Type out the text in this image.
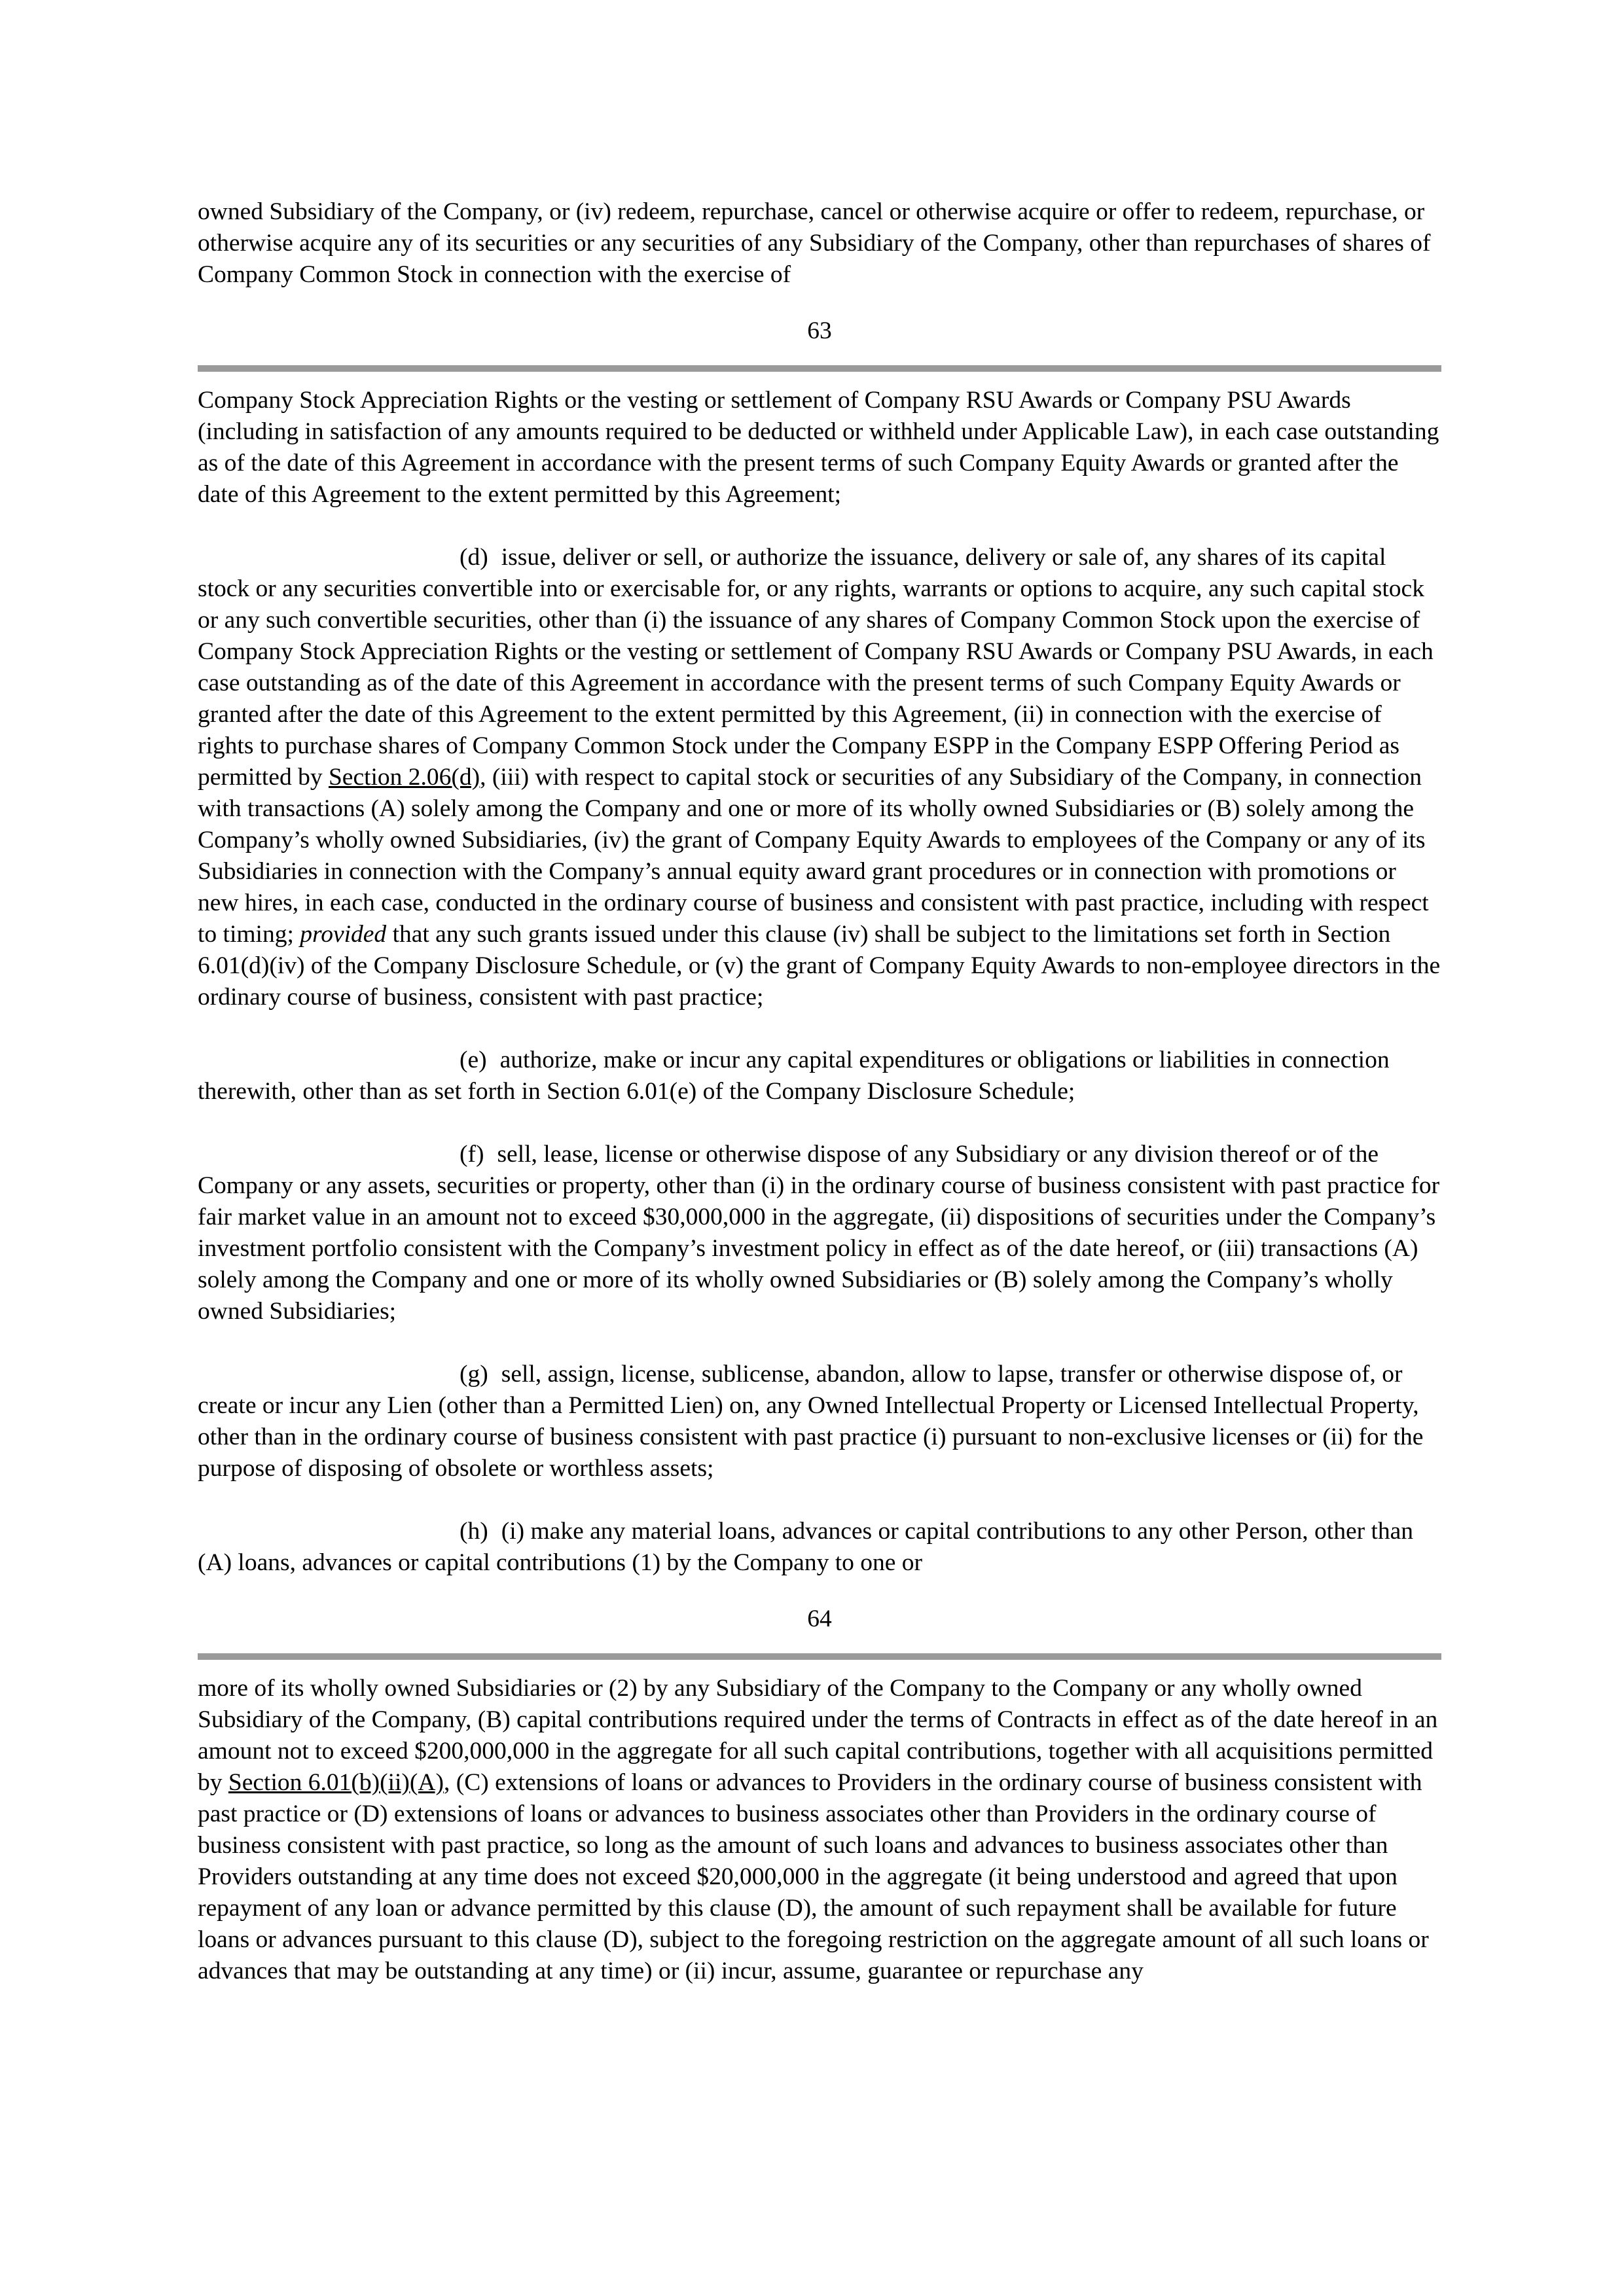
owned Subsidiary of the Company, or (iv) redeem, repurchase, cancel or otherwise acquire or offer to redeem, repurchase, or otherwise acquire any of its securities or any securities of any Subsidiary of the Company, other than repurchases of shares of Company Common Stock in connection with the exercise of

63

Company Stock Appreciation Rights or the vesting or settlement of Company RSU Awards or Company PSU Awards (including in satisfaction of any amounts required to be deducted or withheld under Applicable Law), in each case outstanding as of the date of this Agreement in accordance with the present terms of such Company Equity Awards or granted after the date of this Agreement to the extent permitted by this Agreement;

(d) issue, deliver or sell, or authorize the issuance, delivery or sale of, any shares of its capital stock or any securities convertible into or exercisable for, or any rights, warrants or options to acquire, any such capital stock or any such convertible securities, other than (i) the issuance of any shares of Company Common Stock upon the exercise of Company Stock Appreciation Rights or the vesting or settlement of Company RSU Awards or Company PSU Awards, in each case outstanding as of the date of this Agreement in accordance with the present terms of such Company Equity Awards or granted after the date of this Agreement to the extent permitted by this Agreement, (ii) in connection with the exercise of rights to purchase shares of Company Common Stock under the Company ESPP in the Company ESPP Offering Period as permitted by Section 2.06(d), (iii) with respect to capital stock or securities of any Subsidiary of the Company, in connection with transactions (A) solely among the Company and one or more of its wholly owned Subsidiaries or (B) solely among the Company’s wholly owned Subsidiaries, (iv) the grant of Company Equity Awards to employees of the Company or any of its Subsidiaries in connection with the Company’s annual equity award grant procedures or in connection with promotions or new hires, in each case, conducted in the ordinary course of business and consistent with past practice, including with respect to timing; provided that any such grants issued under this clause (iv) shall be subject to the limitations set forth in Section 6.01(d)(iv) of the Company Disclosure Schedule, or (v) the grant of Company Equity Awards to non-employee directors in the ordinary course of business, consistent with past practice;

(e) authorize, make or incur any capital expenditures or obligations or liabilities in connection therewith, other than as set forth in Section 6.01(e) of the Company Disclosure Schedule;

(f) sell, lease, license or otherwise dispose of any Subsidiary or any division thereof or of the Company or any assets, securities or property, other than (i) in the ordinary course of business consistent with past practice for fair market value in an amount not to exceed $30,000,000 in the aggregate, (ii) dispositions of securities under the Company’s investment portfolio consistent with the Company’s investment policy in effect as of the date hereof, or (iii) transactions (A) solely among the Company and one or more of its wholly owned Subsidiaries or (B) solely among the Company’s wholly owned Subsidiaries;

(g) sell, assign, license, sublicense, abandon, allow to lapse, transfer or otherwise dispose of, or create or incur any Lien (other than a Permitted Lien) on, any Owned Intellectual Property or Licensed Intellectual Property, other than in the ordinary course of business consistent with past practice (i) pursuant to non-exclusive licenses or (ii) for the purpose of disposing of obsolete or worthless assets;

(h) (i) make any material loans, advances or capital contributions to any other Person, other than (A) loans, advances or capital contributions (1) by the Company to one or

64

more of its wholly owned Subsidiaries or (2) by any Subsidiary of the Company to the Company or any wholly owned Subsidiary of the Company, (B) capital contributions required under the terms of Contracts in effect as of the date hereof in an amount not to exceed $200,000,000 in the aggregate for all such capital contributions, together with all acquisitions permitted by Section 6.01(b)(ii)(A), (C) extensions of loans or advances to Providers in the ordinary course of business consistent with past practice or (D) extensions of loans or advances to business associates other than Providers in the ordinary course of business consistent with past practice, so long as the amount of such loans and advances to business associates other than Providers outstanding at any time does not exceed $20,000,000 in the aggregate (it being understood and agreed that upon repayment of any loan or advance permitted by this clause (D), the amount of such repayment shall be available for future loans or advances pursuant to this clause (D), subject to the foregoing restriction on the aggregate amount of all such loans or advances that may be outstanding at any time) or (ii) incur, assume, guarantee or repurchase any
